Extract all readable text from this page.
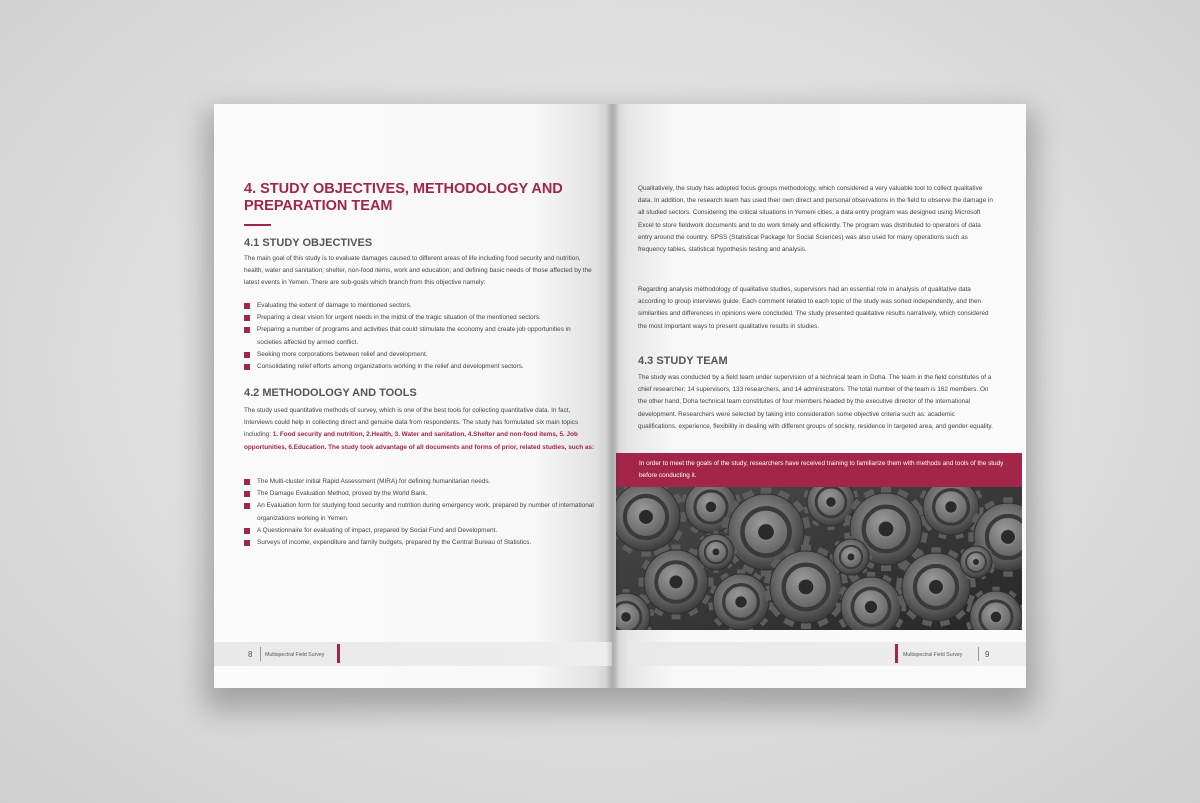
4. STUDY OBJECTIVES, METHODOLOGY AND PREPARATION TEAM
4.1 STUDY OBJECTIVES
The main goal of this study is to evaluate damages caused to different areas of life including food security and nutrition, health, water and sanitation, shelter, non-food items, work and education; and defining basic needs of those affected by the latest events in Yemen. There are sub-goals which branch from this objective namely:
Evaluating the extent of damage to mentioned sectors.
Preparing a clear vision for urgent needs in the midst of the tragic situation of the mentioned sectors.
Preparing a number of programs and activities that could stimulate the economy and create job opportunities in societies affected by armed conflict.
Seeking more corporations between relief and development.
Consolidating relief efforts among organizations working in the relief and development sectors.
4.2 METHODOLOGY AND TOOLS
The study used quantitative methods of survey, which is one of the best tools for collecting quantitative data. In fact, Interviews could help in collecting direct and genuine data from respondents. The study has formulated six main topics including: 1. Food security and nutrition, 2.Health, 3. Water and sanitation, 4.Shelter and non-food items, 5. Job opportunities, 6.Education. The study took advantage of all documents and forms of prior, related studies, such as:
The Multi-cluster initial Rapid Assessment (MIRA) for defining humanitarian needs.
The Damage Evaluation Method, proved by the World Bank.
An Evaluation form for studying food security and nutrition during emergency work, prepared by number of international organizations working in Yemen.
A Questionnaire for evaluating of impact, prepared by Social Fund and Development.
Surveys of income, expenditure and family budgets, prepared by the Central Bureau of Statistics.
8 Multispectral Field Survey
Qualitatively, the study has adopted focus groups methodology, which considered a very valuable tool to collect qualitative data. In addition, the research team has used their own direct and personal observations in the field to observe the damage in all studied sectors. Considering the critical situations in Yemeni cities, a data entry program was designed using Microsoft Excel to store fieldwork documents and to do work timely and efficiently. The program was distributed to operators of data entry around the country. SPSS (Statistical Package for Social Sciences) was also used for many operations such as frequency tables, statistical hypothesis testing and analysis.
Regarding analysis methodology of qualitative studies, supervisors had an essential role in analysis of qualitative data according to group interviews guide. Each comment related to each topic of the study was sorted independently, and then similarities and differences in opinions were concluded. The study presented qualitative results narratively, which considered the most important ways to present qualitative results in studies.
4.3 STUDY TEAM
The study was conducted by a field team under supervision of a technical team in Doha. The team in the field constitutes of a chief researcher; 14 supervisors, 133 researchers, and 14 administrators. The total number of the team is 162 members. On the other hand, Doha technical team constitutes of four members headed by the executive director of the international development. Researchers were selected by taking into consideration some objective criteria such as: academic qualifications, experience, flexibility in dealing with different groups of society, residence in targeted area, and gender equality.
In order to meet the goals of the study, researchers have received training to familiarize them with methods and tools of the study before conducting it.
Multispectral Field Survey	9
